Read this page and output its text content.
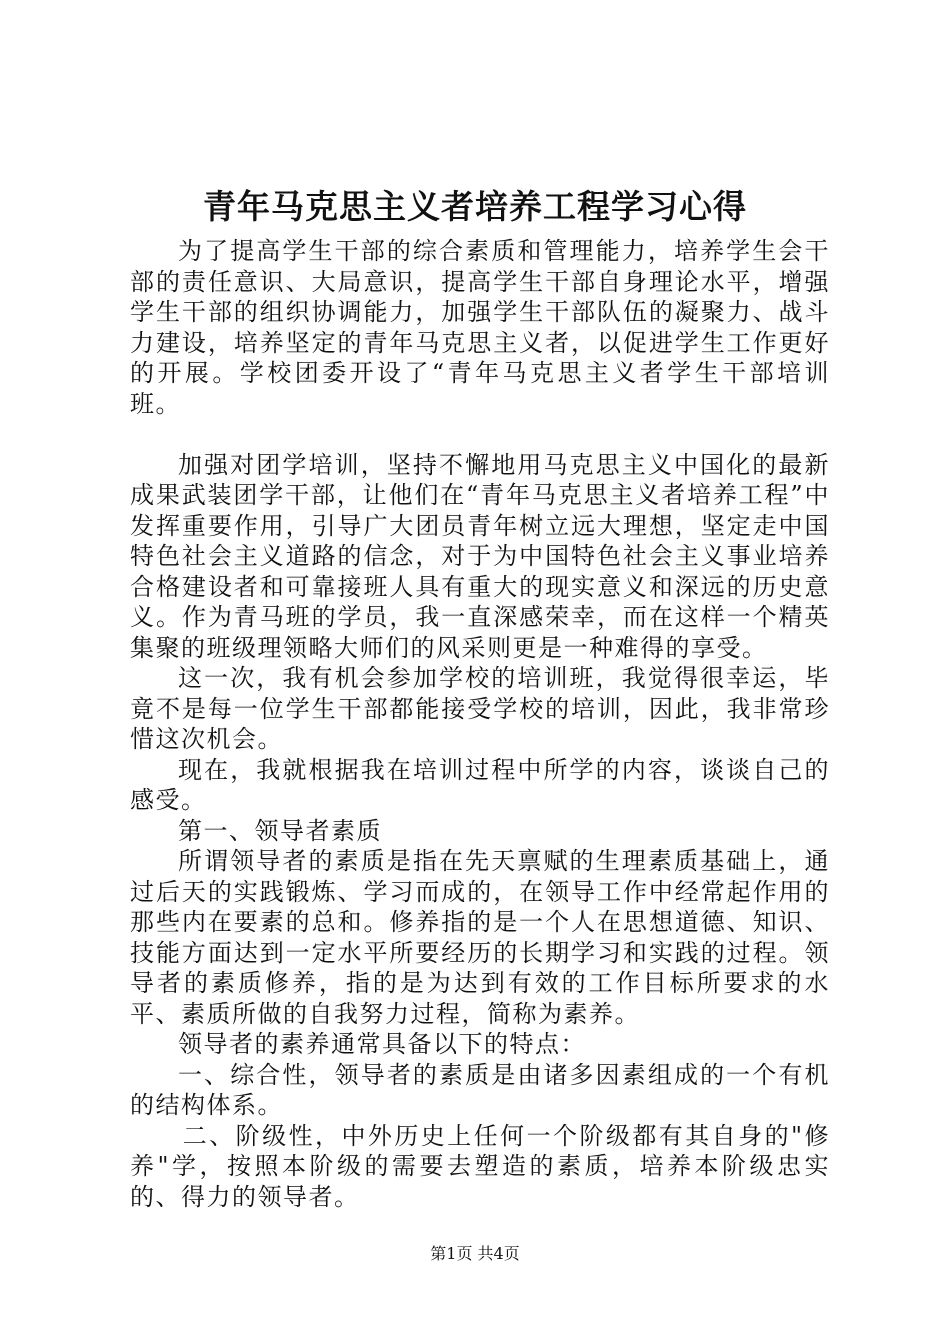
青年马克思主义者培养工程学习心得

为了提高学生干部的综合素质和管理能力，培养学生会干部的责任意识、大局意识，提高学生干部自身理论水平，增强学生干部的组织协调能力，加强学生干部队伍的凝聚力、战斗力建设，培养坚定的青年马克思主义者，以促进学生工作更好的开展。学校团委开设了“青年马克思主义者学生干部培训班。

加强对团学培训，坚持不懈地用马克思主义中国化的最新成果武装团学干部，让他们在“青年马克思主义者培养工程”中发挥重要作用，引导广大团员青年树立远大理想，坚定走中国特色社会主义道路的信念，对于为中国特色社会主义事业培养合格建设者和可靠接班人具有重大的现实意义和深远的历史意义。作为青马班的学员，我一直深感荣幸，而在这样一个精英集聚的班级理领略大师们的风采则更是一种难得的享受。

这一次，我有机会参加学校的培训班，我觉得很幸运，毕竟不是每一位学生干部都能接受学校的培训，因此，我非常珍惜这次机会。

现在，我就根据我在培训过程中所学的内容，谈谈自己的感受。

第一、领导者素质

所谓领导者的素质是指在先天禀赋的生理素质基础上，通过后天的实践锻炼、学习而成的，在领导工作中经常起作用的那些内在要素的总和。修养指的是一个人在思想道德、知识、技能方面达到一定水平所要经历的长期学习和实践的过程。领导者的素质修养，指的是为达到有效的工作目标所要求的水平、素质所做的自我努力过程，简称为素养。

领导者的素养通常具备以下的特点：

一、综合性，领导者的素质是由诸多因素组成的一个有机的结构体系。

二、阶级性，中外历史上任何一个阶级都有其自身的"修养"学，按照本阶级的需要去塑造的素质，培养本阶级忠实的、得力的领导者。

第1页 共4页
